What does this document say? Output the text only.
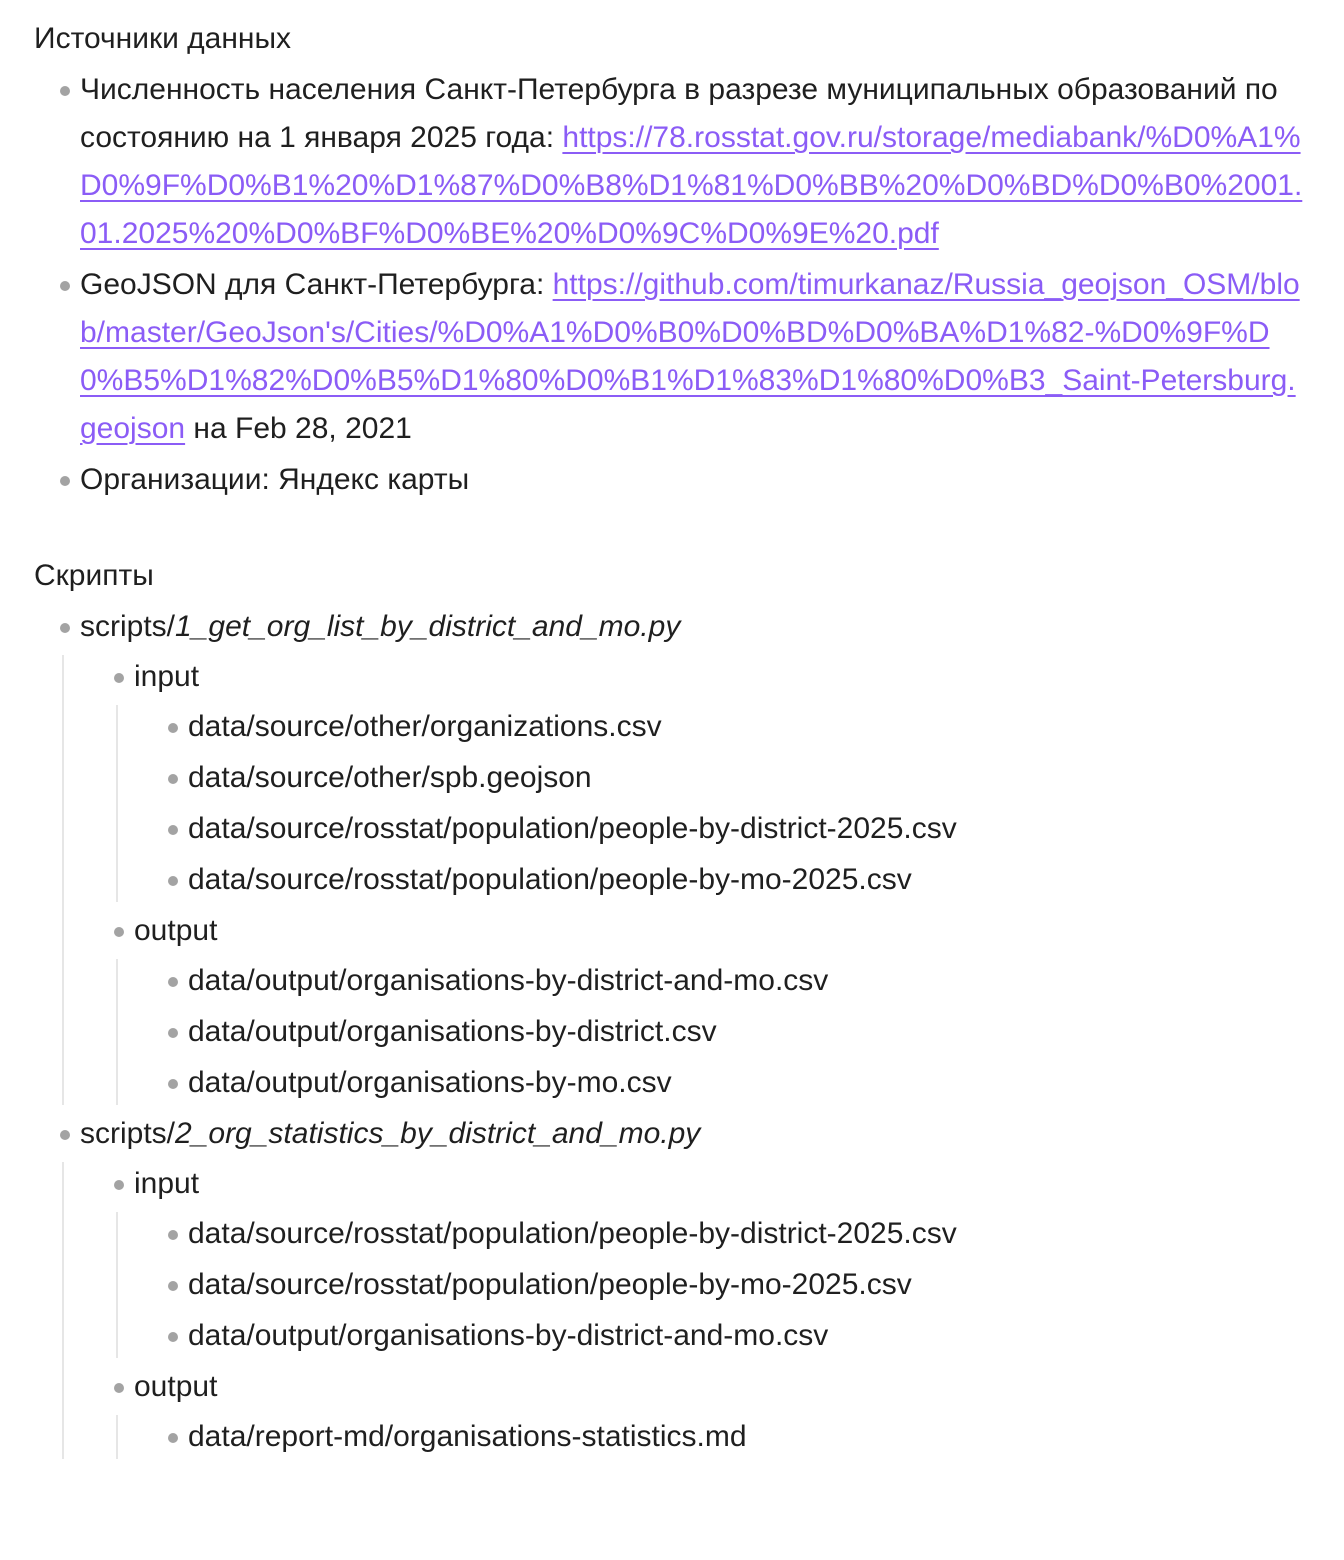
Источники данных

Численность населения Санкт-Петербурга в разрезе муниципальных образований по состоянию на 1 января 2025 года: https://78.rosstat.gov.ru/storage/mediabank/%D0%A1%D0%9F%D0%B1%20%D1%87%D0%B8%D1%81%D0%BB%20%D0%BD%D0%B0%2001.01.2025%20%D0%BF%D0%BE%20%D0%9C%D0%9E%20.pdf
GeoJSON для Санкт-Петербурга: https://github.com/timurkanaz/Russia_geojson_OSM/blob/master/GeoJson's/Cities/%D0%A1%D0%B0%D0%BD%D0%BA%D1%82-%D0%9F%D0%B5%D1%82%D0%B5%D1%80%D0%B1%D1%83%D1%80%D0%B3_Saint-Petersburg.geojson на Feb 28, 2021
Организации: Яндекс карты

Скрипты

scripts/1_get_org_list_by_district_and_mo.py
input
data/source/other/organizations.csv
data/source/other/spb.geojson
data/source/rosstat/population/people-by-district-2025.csv
data/source/rosstat/population/people-by-mo-2025.csv
output
data/output/organisations-by-district-and-mo.csv
data/output/organisations-by-district.csv
data/output/organisations-by-mo.csv
scripts/2_org_statistics_by_district_and_mo.py
input
data/source/rosstat/population/people-by-district-2025.csv
data/source/rosstat/population/people-by-mo-2025.csv
data/output/organisations-by-district-and-mo.csv
output
data/report-md/organisations-statistics.md
